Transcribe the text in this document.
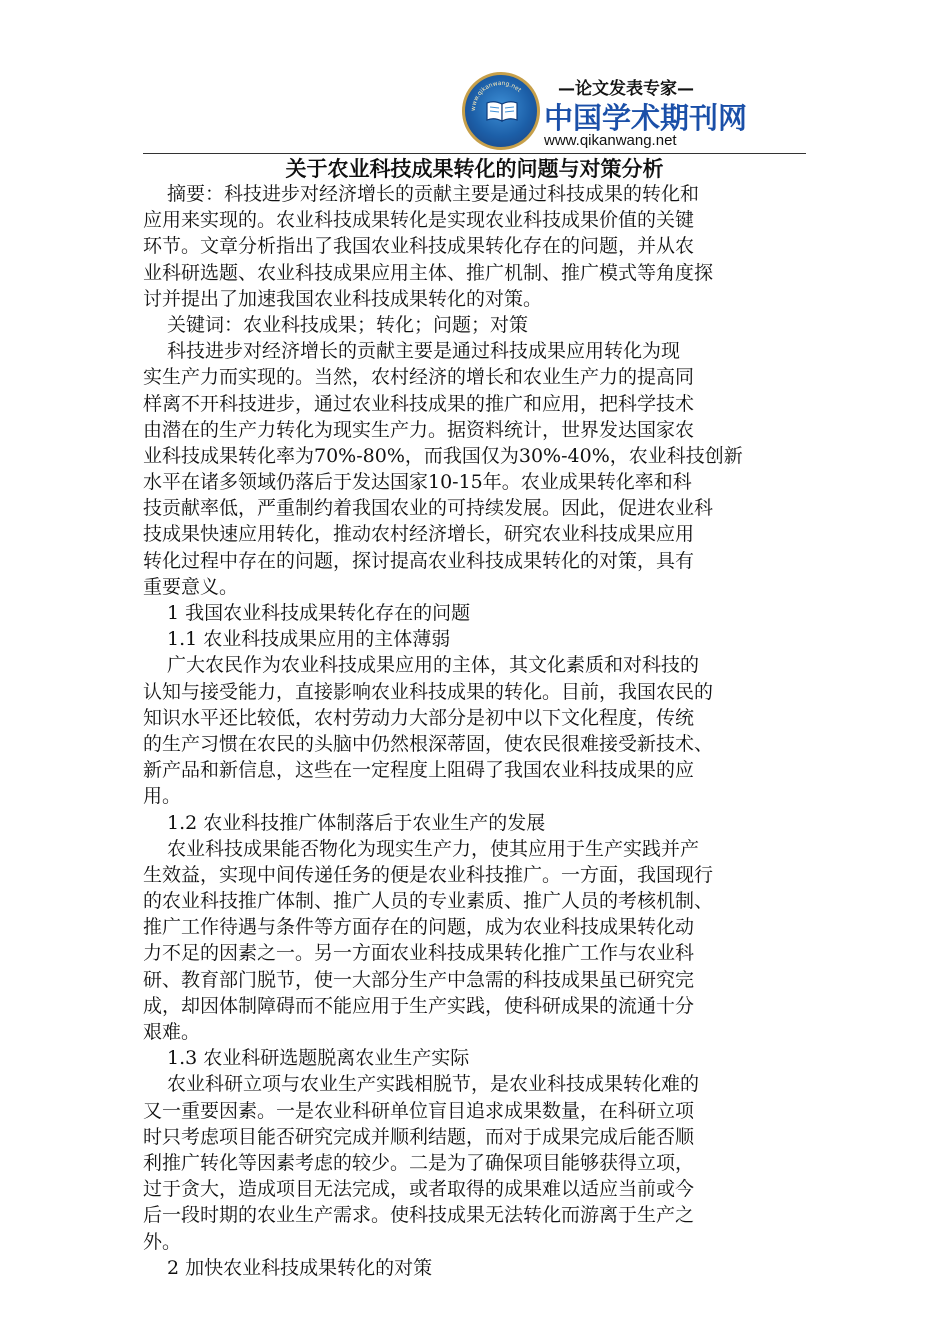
www.qikanwang.net —论文发表专家—
中国学术期刊网
www.qikanwang.net
关于农业科技成果转化的问题与对策分析
摘要：科技进步对经济增长的贡献主要是通过科技成果的转化和
应用来实现的。农业科技成果转化是实现农业科技成果价值的关键
环节。文章分析指出了我国农业科技成果转化存在的问题，并从农
业科研选题、农业科技成果应用主体、推广机制、推广模式等角度探
讨并提出了加速我国农业科技成果转化的对策。
关键词：农业科技成果；转化；问题；对策
科技进步对经济增长的贡献主要是通过科技成果应用转化为现
实生产力而实现的。当然，农村经济的增长和农业生产力的提高同
样离不开科技进步，通过农业科技成果的推广和应用，把科学技术
由潜在的生产力转化为现实生产力。据资料统计，世界发达国家农
业科技成果转化率为70%-80%，而我国仅为30%-40%，农业科技创新
水平在诸多领域仍落后于发达国家10-15年。农业成果转化率和科
技贡献率低，严重制约着我国农业的可持续发展。因此，促进农业科
技成果快速应用转化，推动农村经济增长，研究农业科技成果应用
转化过程中存在的问题，探讨提高农业科技成果转化的对策，具有
重要意义。
1 我国农业科技成果转化存在的问题
1.1 农业科技成果应用的主体薄弱
广大农民作为农业科技成果应用的主体，其文化素质和对科技的
认知与接受能力，直接影响农业科技成果的转化。目前，我国农民的
知识水平还比较低，农村劳动力大部分是初中以下文化程度，传统
的生产习惯在农民的头脑中仍然根深蒂固，使农民很难接受新技术、
新产品和新信息，这些在一定程度上阻碍了我国农业科技成果的应
用。
1.2 农业科技推广体制落后于农业生产的发展
农业科技成果能否物化为现实生产力，使其应用于生产实践并产
生效益，实现中间传递任务的便是农业科技推广。一方面，我国现行
的农业科技推广体制、推广人员的专业素质、推广人员的考核机制、
推广工作待遇与条件等方面存在的问题，成为农业科技成果转化动
力不足的因素之一。另一方面农业科技成果转化推广工作与农业科
研、教育部门脱节，使一大部分生产中急需的科技成果虽已研究完
成，却因体制障碍而不能应用于生产实践，使科研成果的流通十分
艰难。
1.3 农业科研选题脱离农业生产实际
农业科研立项与农业生产实践相脱节，是农业科技成果转化难的
又一重要因素。一是农业科研单位盲目追求成果数量，在科研立项
时只考虑项目能否研究完成并顺利结题，而对于成果完成后能否顺
利推广转化等因素考虑的较少。二是为了确保项目能够获得立项，
过于贪大，造成项目无法完成，或者取得的成果难以适应当前或今
后一段时期的农业生产需求。使科技成果无法转化而游离于生产之
外。
2 加快农业科技成果转化的对策
